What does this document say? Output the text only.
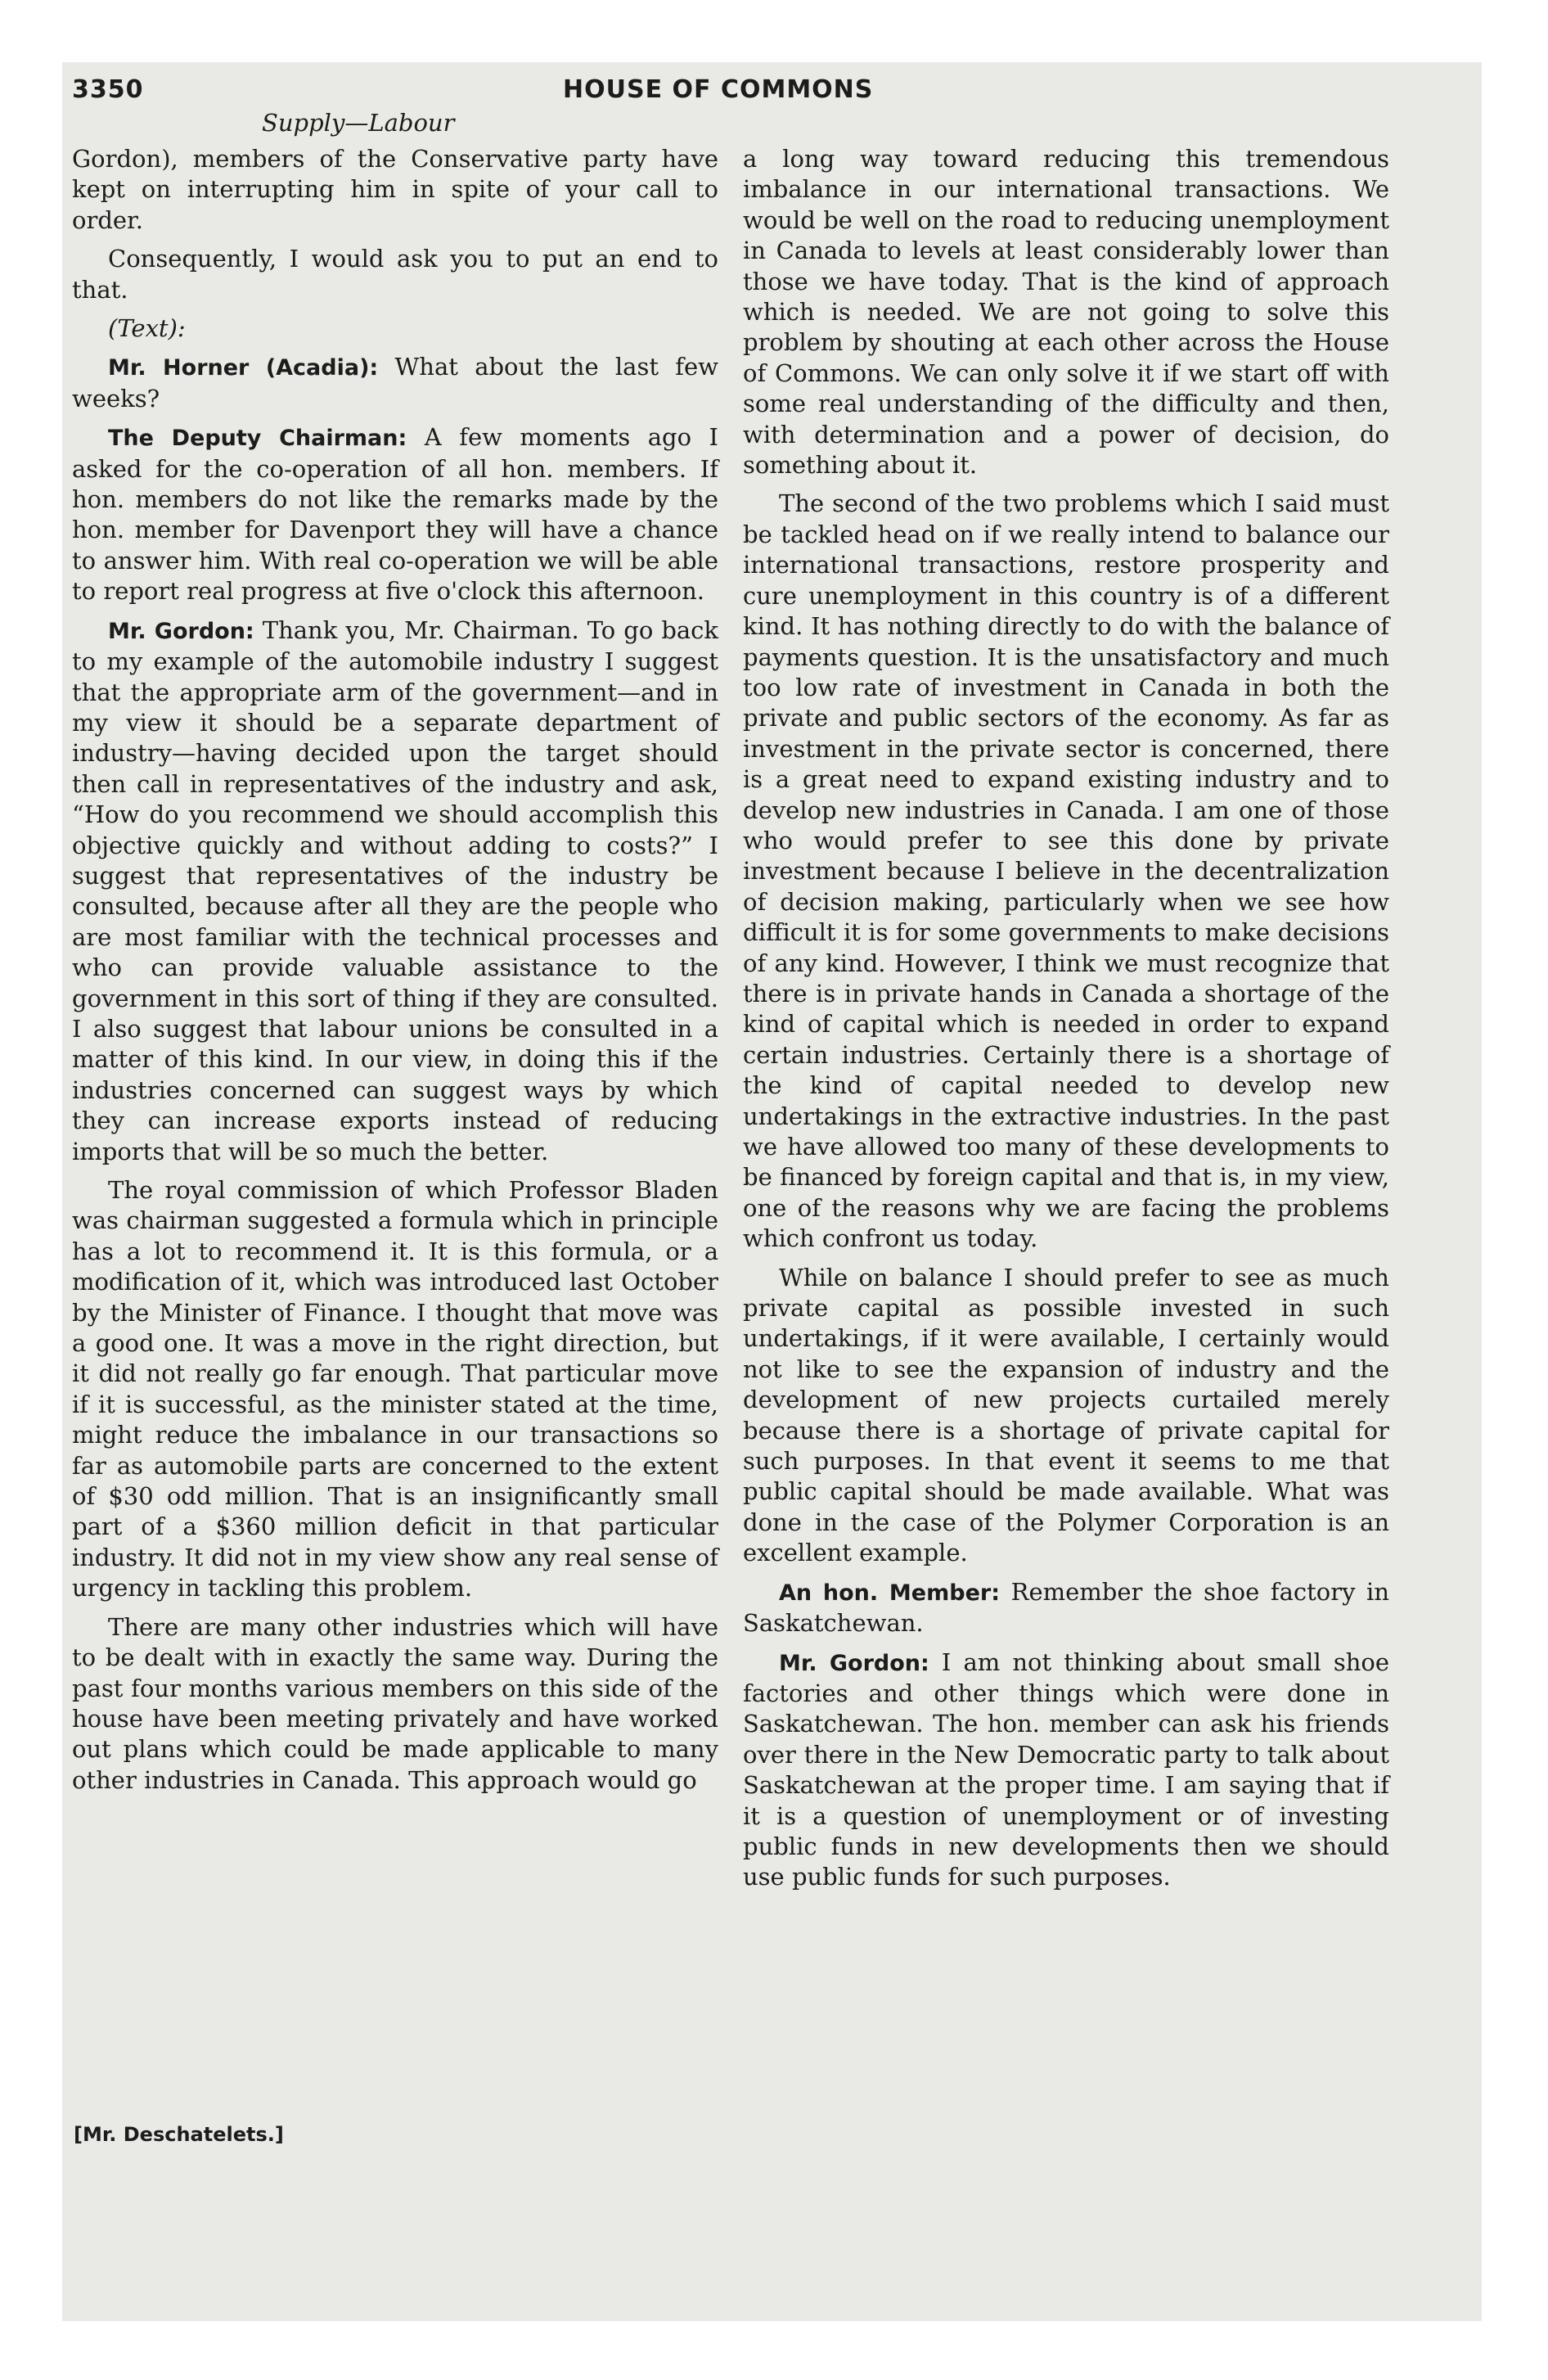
3350	HOUSE OF COMMONS
Supply—Labour

Gordon), members of the Conservative party have kept on interrupting him in spite of your call to order.

Consequently, I would ask you to put an end to that.

(Text):

Mr. Horner (Acadia): What about the last few weeks?

The Deputy Chairman: A few moments ago I asked for the co-operation of all hon. members. If hon. members do not like the remarks made by the hon. member for Davenport they will have a chance to answer him. With real co-operation we will be able to report real progress at five o'clock this afternoon.

Mr. Gordon: Thank you, Mr. Chairman. To go back to my example of the automobile industry I suggest that the appropriate arm of the government—and in my view it should be a separate department of industry—having decided upon the target should then call in representatives of the industry and ask, “How do you recommend we should accomplish this objective quickly and without adding to costs?” I suggest that representatives of the industry be consulted, because after all they are the people who are most familiar with the technical processes and who can provide valuable assistance to the government in this sort of thing if they are consulted. I also suggest that labour unions be consulted in a matter of this kind. In our view, in doing this if the industries concerned can suggest ways by which they can increase exports instead of reducing imports that will be so much the better.

The royal commission of which Professor Bladen was chairman suggested a formula which in principle has a lot to recommend it. It is this formula, or a modification of it, which was introduced last October by the Minister of Finance. I thought that move was a good one. It was a move in the right direction, but it did not really go far enough. That particular move if it is successful, as the minister stated at the time, might reduce the imbalance in our transactions so far as automobile parts are concerned to the extent of $30 odd million. That is an insignificantly small part of a $360 million deficit in that particular industry. It did not in my view show any real sense of urgency in tackling this problem.

There are many other industries which will have to be dealt with in exactly the same way. During the past four months various members on this side of the house have been meeting privately and have worked out plans which could be made applicable to many other industries in Canada. This approach would go

a long way toward reducing this tremendous imbalance in our international transactions. We would be well on the road to reducing unemployment in Canada to levels at least considerably lower than those we have today. That is the kind of approach which is needed. We are not going to solve this problem by shouting at each other across the House of Commons. We can only solve it if we start off with some real understanding of the difficulty and then, with determination and a power of decision, do something about it.

The second of the two problems which I said must be tackled head on if we really intend to balance our international transactions, restore prosperity and cure unemployment in this country is of a different kind. It has nothing directly to do with the balance of payments question. It is the unsatisfactory and much too low rate of investment in Canada in both the private and public sectors of the economy. As far as investment in the private sector is concerned, there is a great need to expand existing industry and to develop new industries in Canada. I am one of those who would prefer to see this done by private investment because I believe in the decentralization of decision making, particularly when we see how difficult it is for some governments to make decisions of any kind. However, I think we must recognize that there is in private hands in Canada a shortage of the kind of capital which is needed in order to expand certain industries. Certainly there is a shortage of the kind of capital needed to develop new undertakings in the extractive industries. In the past we have allowed too many of these developments to be financed by foreign capital and that is, in my view, one of the reasons why we are facing the problems which confront us today.

While on balance I should prefer to see as much private capital as possible invested in such undertakings, if it were available, I certainly would not like to see the expansion of industry and the development of new projects curtailed merely because there is a shortage of private capital for such purposes. In that event it seems to me that public capital should be made available. What was done in the case of the Polymer Corporation is an excellent example.

An hon. Member: Remember the shoe factory in Saskatchewan.

Mr. Gordon: I am not thinking about small shoe factories and other things which were done in Saskatchewan. The hon. member can ask his friends over there in the New Democratic party to talk about Saskatchewan at the proper time. I am saying that if it is a question of unemployment or of investing public funds in new developments then we should use public funds for such purposes.

[Mr. Deschatelets.]
